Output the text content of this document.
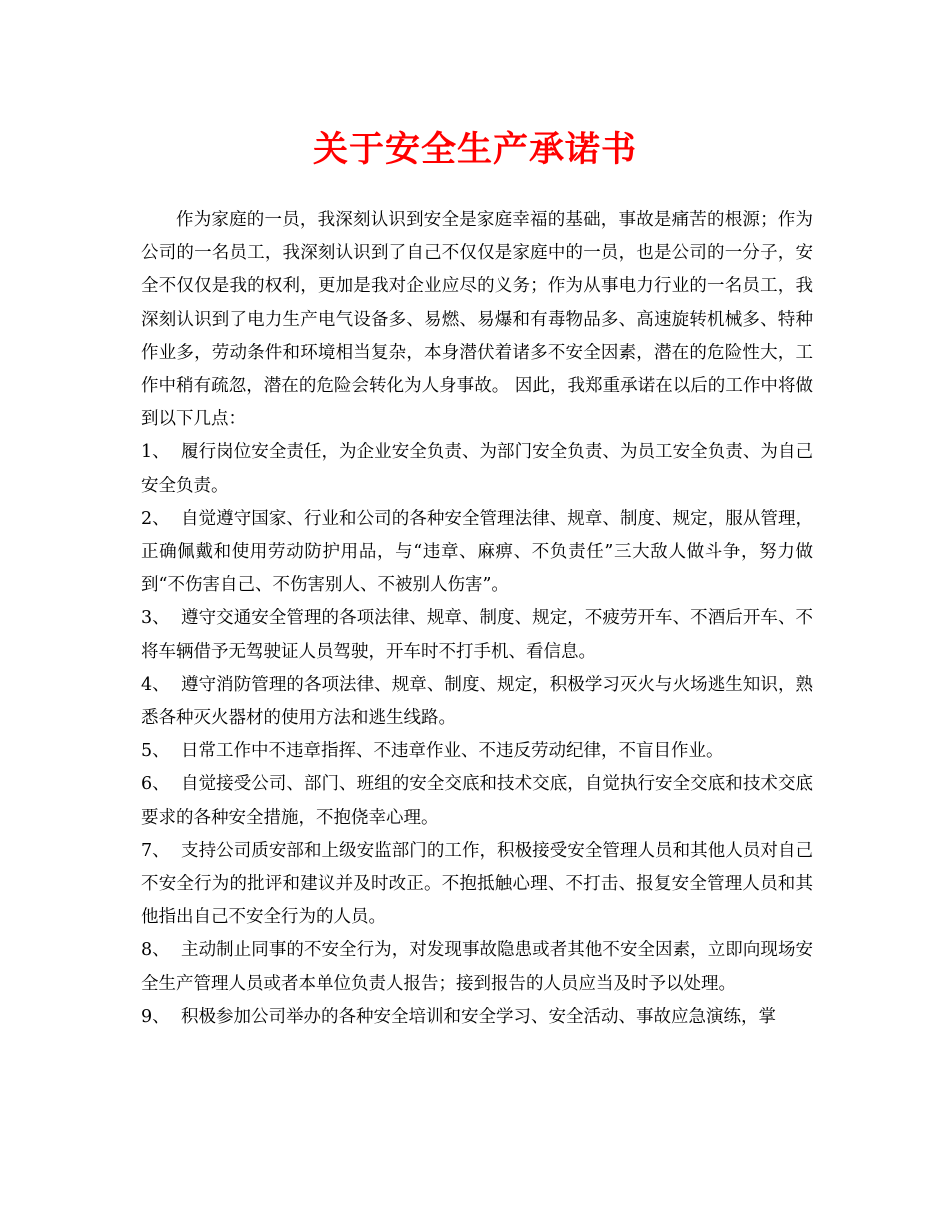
关于安全生产承诺书

作为家庭的一员，我深刻认识到安全是家庭幸福的基础，事故是痛苦的根源；作为公司的一名员工，我深刻认识到了自己不仅仅是家庭中的一员，也是公司的一分子，安全不仅仅是我的权利，更加是我对企业应尽的义务；作为从事电力行业的一名员工，我深刻认识到了电力生产电气设备多、易燃、易爆和有毒物品多、高速旋转机械多、特种作业多，劳动条件和环境相当复杂，本身潜伏着诸多不安全因素，潜在的危险性大，工作中稍有疏忽，潜在的危险会转化为人身事故。 因此，我郑重承诺在以后的工作中将做到以下几点：

1、 履行岗位安全责任，为企业安全负责、为部门安全负责、为员工安全负责、为自己安全负责。

2、 自觉遵守国家、行业和公司的各种安全管理法律、规章、制度、规定，服从管理，正确佩戴和使用劳动防护用品，与“违章、麻痹、不负责任”三大敌人做斗争，努力做到“不伤害自己、不伤害别人、不被别人伤害”。

3、 遵守交通安全管理的各项法律、规章、制度、规定，不疲劳开车、不酒后开车、不将车辆借予无驾驶证人员驾驶，开车时不打手机、看信息。

4、 遵守消防管理的各项法律、规章、制度、规定，积极学习灭火与火场逃生知识，熟悉各种灭火器材的使用方法和逃生线路。

5、 日常工作中不违章指挥、不违章作业、不违反劳动纪律，不盲目作业。

6、 自觉接受公司、部门、班组的安全交底和技术交底，自觉执行安全交底和技术交底要求的各种安全措施，不抱侥幸心理。

7、 支持公司质安部和上级安监部门的工作，积极接受安全管理人员和其他人员对自己不安全行为的批评和建议并及时改正。不抱抵触心理、不打击、报复安全管理人员和其他指出自己不安全行为的人员。

8、 主动制止同事的不安全行为，对发现事故隐患或者其他不安全因素，立即向现场安全生产管理人员或者本单位负责人报告；接到报告的人员应当及时予以处理。

9、 积极参加公司举办的各种安全培训和安全学习、安全活动、事故应急演练，掌
